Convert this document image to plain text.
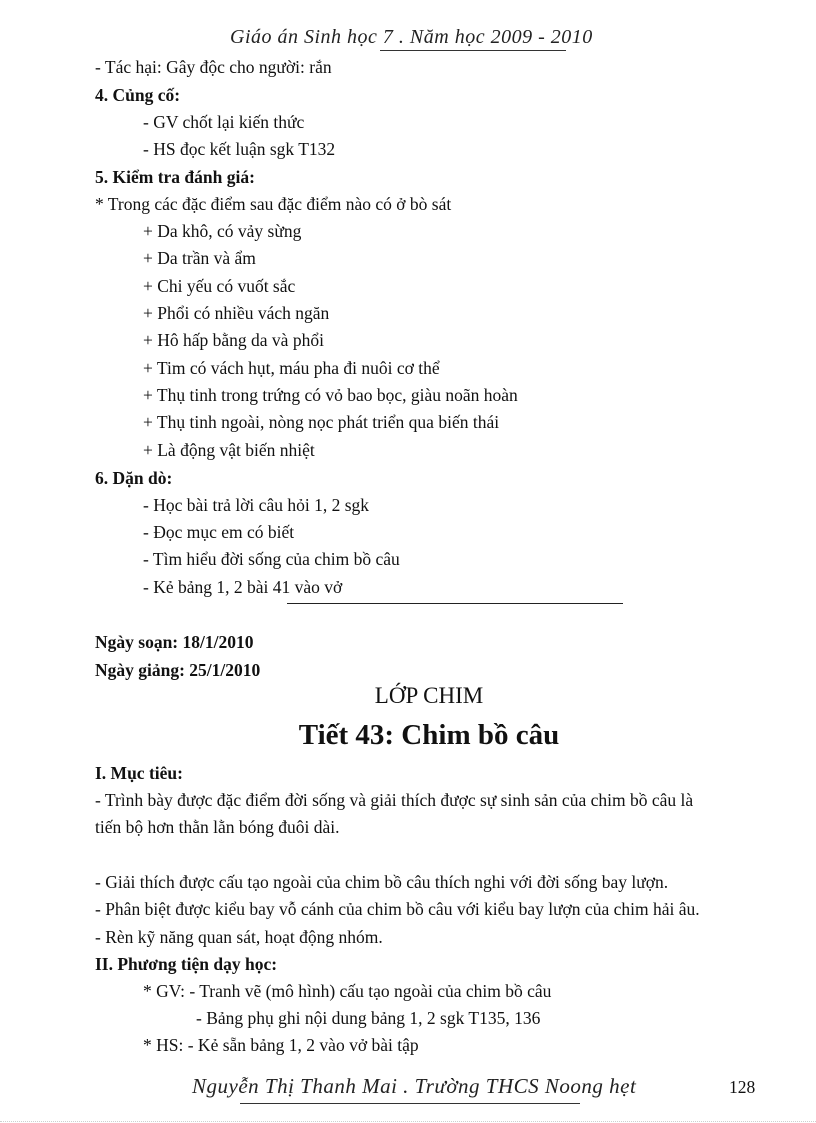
Giáo án Sinh học 7 . Năm học 2009 - 2010
- Tác hại: Gây độc cho người: rắn
4. Củng cố:
- GV chốt lại kiến thức
- HS đọc kết luận sgk T132
5. Kiểm tra đánh giá:
* Trong các đặc điểm sau đặc điểm nào có ở bò sát
+ Da khô, có vảy sừng
+ Da trần và ẩm
+ Chi yếu có vuốt sắc
+ Phổi có nhiều vách ngăn
+ Hô hấp bằng da và phổi
+ Tim có vách hụt, máu pha đi nuôi cơ thể
+ Thụ tinh trong trứng có vỏ bao bọc, giàu noãn hoàn
+ Thụ tinh ngoài, nòng nọc phát triển qua biến thái
+ Là động vật biến nhiệt
6. Dặn dò:
- Học bài trả lời câu hỏi 1, 2 sgk
- Đọc mục em có biết
- Tìm hiểu đời sống của chim bồ câu
- Kẻ bảng 1, 2 bài 41 vào vở
Ngày soạn: 18/1/2010
Ngày giảng: 25/1/2010
LỚP CHIM
Tiết 43: Chim bồ câu
I. Mục tiêu:
- Trình bày được đặc điểm đời sống và giải thích được sự sinh sản của chim bồ câu là
tiến bộ hơn thằn lằn bóng đuôi dài.
- Giải thích được cấu tạo ngoài của chim bồ câu thích nghi với đời sống bay lượn.
- Phân biệt được kiểu bay vỗ cánh của chim bồ câu với kiểu bay lượn của chim hải âu.
- Rèn kỹ năng quan sát, hoạt động nhóm.
II. Phương tiện dạy học:
* GV: - Tranh vẽ (mô hình) cấu tạo ngoài của chim bồ câu
- Bảng phụ ghi nội dung bảng 1, 2 sgk T135, 136
* HS: - Kẻ sẵn bảng 1, 2 vào vở bài tập
Nguyễn Thị Thanh Mai . Trường THCS Noong hẹt	128
